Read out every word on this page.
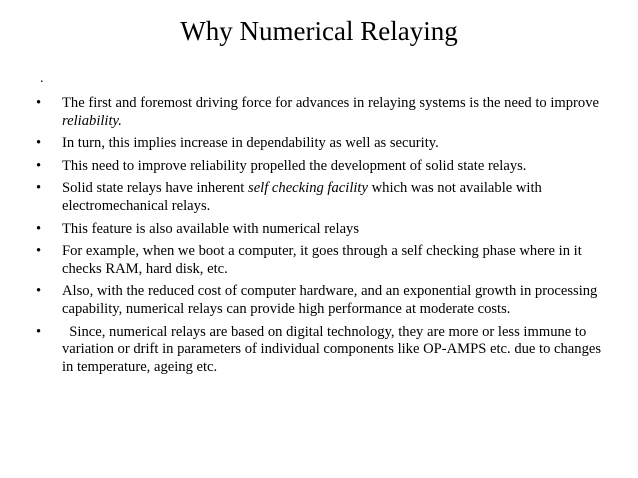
Why Numerical Relaying
.
• The first and foremost driving force for advances in relaying systems is the need to improve reliability.
• In turn, this implies increase in dependability as well as security.
• This need to improve reliability propelled the development of solid state relays.
• Solid state relays have inherent self checking facility which was not available with electromechanical relays.
• This feature is also available with numerical relays
• For example, when we boot a computer, it goes through a self checking phase where in it checks RAM, hard disk, etc.
• Also, with the reduced cost of computer hardware, and an exponential growth in processing capability, numerical relays can provide high performance at moderate costs.
• Since, numerical relays are based on digital technology, they are more or less immune to variation or drift in parameters of individual components like OP-AMPS etc. due to changes in temperature, ageing etc.
